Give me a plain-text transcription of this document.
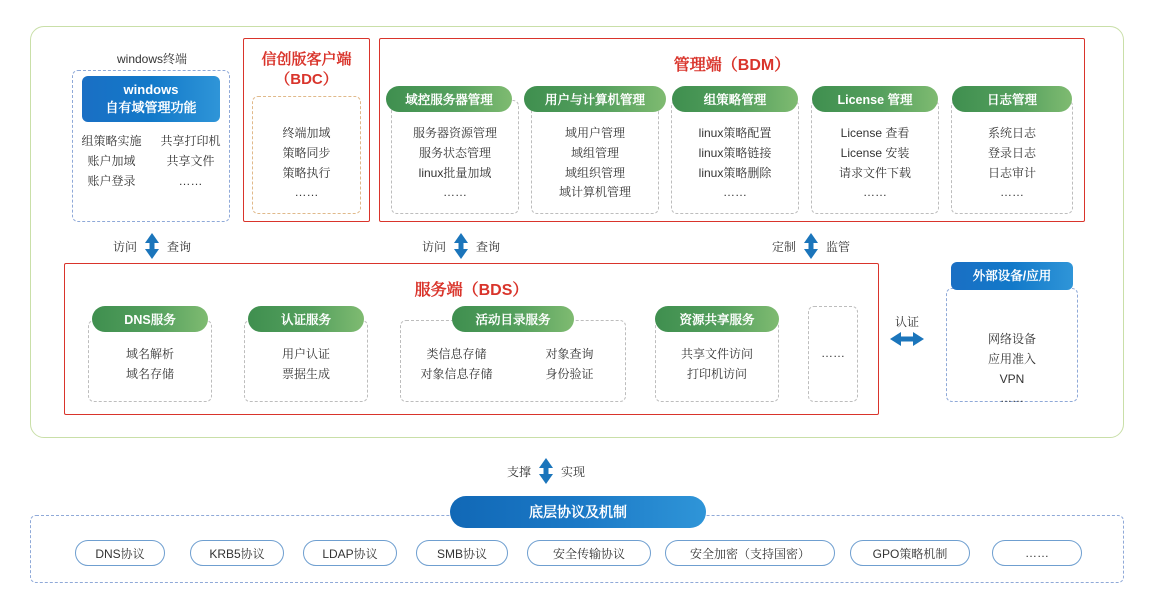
windows终端
windows
自有域管理功能
组策略实施
账户加域
账户登录
共享打印机
共享文件
……
信创版客户端
（BDC）
终端加域
策略同步
策略执行
……
管理端（BDM）
域控服务器管理
服务器资源管理
服务状态管理
linux批量加域
……
用户与计算机管理
域用户管理
域组管理
域组织管理
域计算机管理
组策略管理
linux策略配置
linux策略链接
linux策略删除
……
License 管理
License 查看
License 安装
请求文件下载
……
日志管理
系统日志
登录日志
日志审计
……
访问	查询	访问	查询	定制	监管
服务端（BDS）
DNS服务
域名解析
域名存储
认证服务
用户认证
票据生成
活动目录服务
类信息存储
对象信息存储
对象查询
身份验证
资源共享服务
共享文件访问
打印机访问
……
认证
外部设备/应用
网络设备
应用准入
VPN
……
支撑	实现
底层协议及机制
DNS协议	KRB5协议	LDAP协议	SMB协议	安全传输协议	安全加密（支持国密）	GPO策略机制	……
